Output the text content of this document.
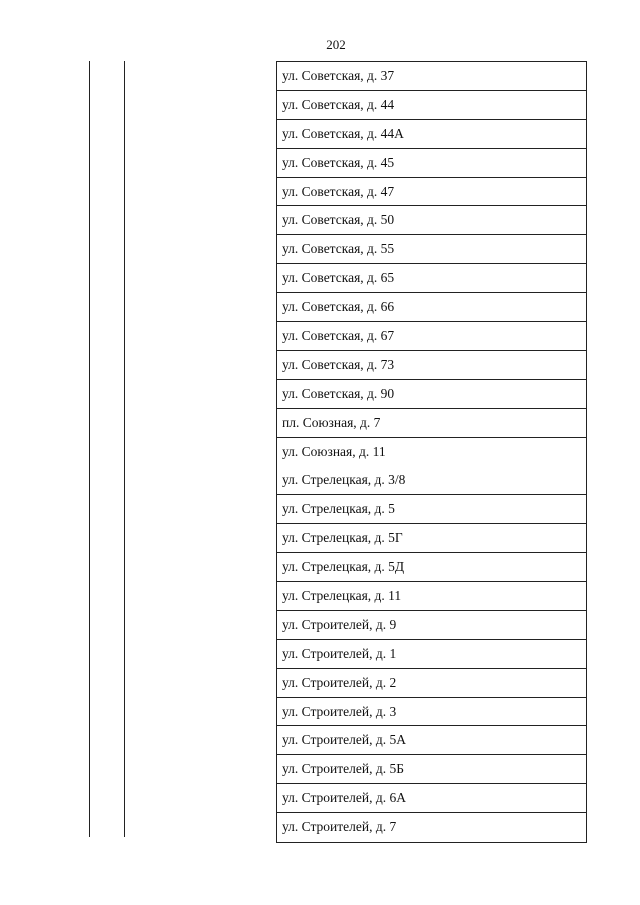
202
ул. Советская, д. 37
ул. Советская, д. 44
ул. Советская, д. 44А
ул. Советская, д. 45
ул. Советская, д. 47
ул. Советская, д. 50
ул. Советская, д. 55
ул. Советская, д. 65
ул. Советская, д. 66
ул. Советская, д. 67
ул. Советская, д. 73
ул. Советская, д. 90
пл. Союзная, д. 7
ул. Союзная, д. 11
ул. Стрелецкая, д. 3/8
ул. Стрелецкая, д. 5
ул. Стрелецкая, д. 5Г
ул. Стрелецкая, д. 5Д
ул. Стрелецкая, д. 11
ул. Строителей, д. 9
ул. Строителей, д. 1
ул. Строителей, д. 2
ул. Строителей, д. 3
ул. Строителей, д. 5А
ул. Строителей, д. 5Б
ул. Строителей, д. 6А
ул. Строителей, д. 7
